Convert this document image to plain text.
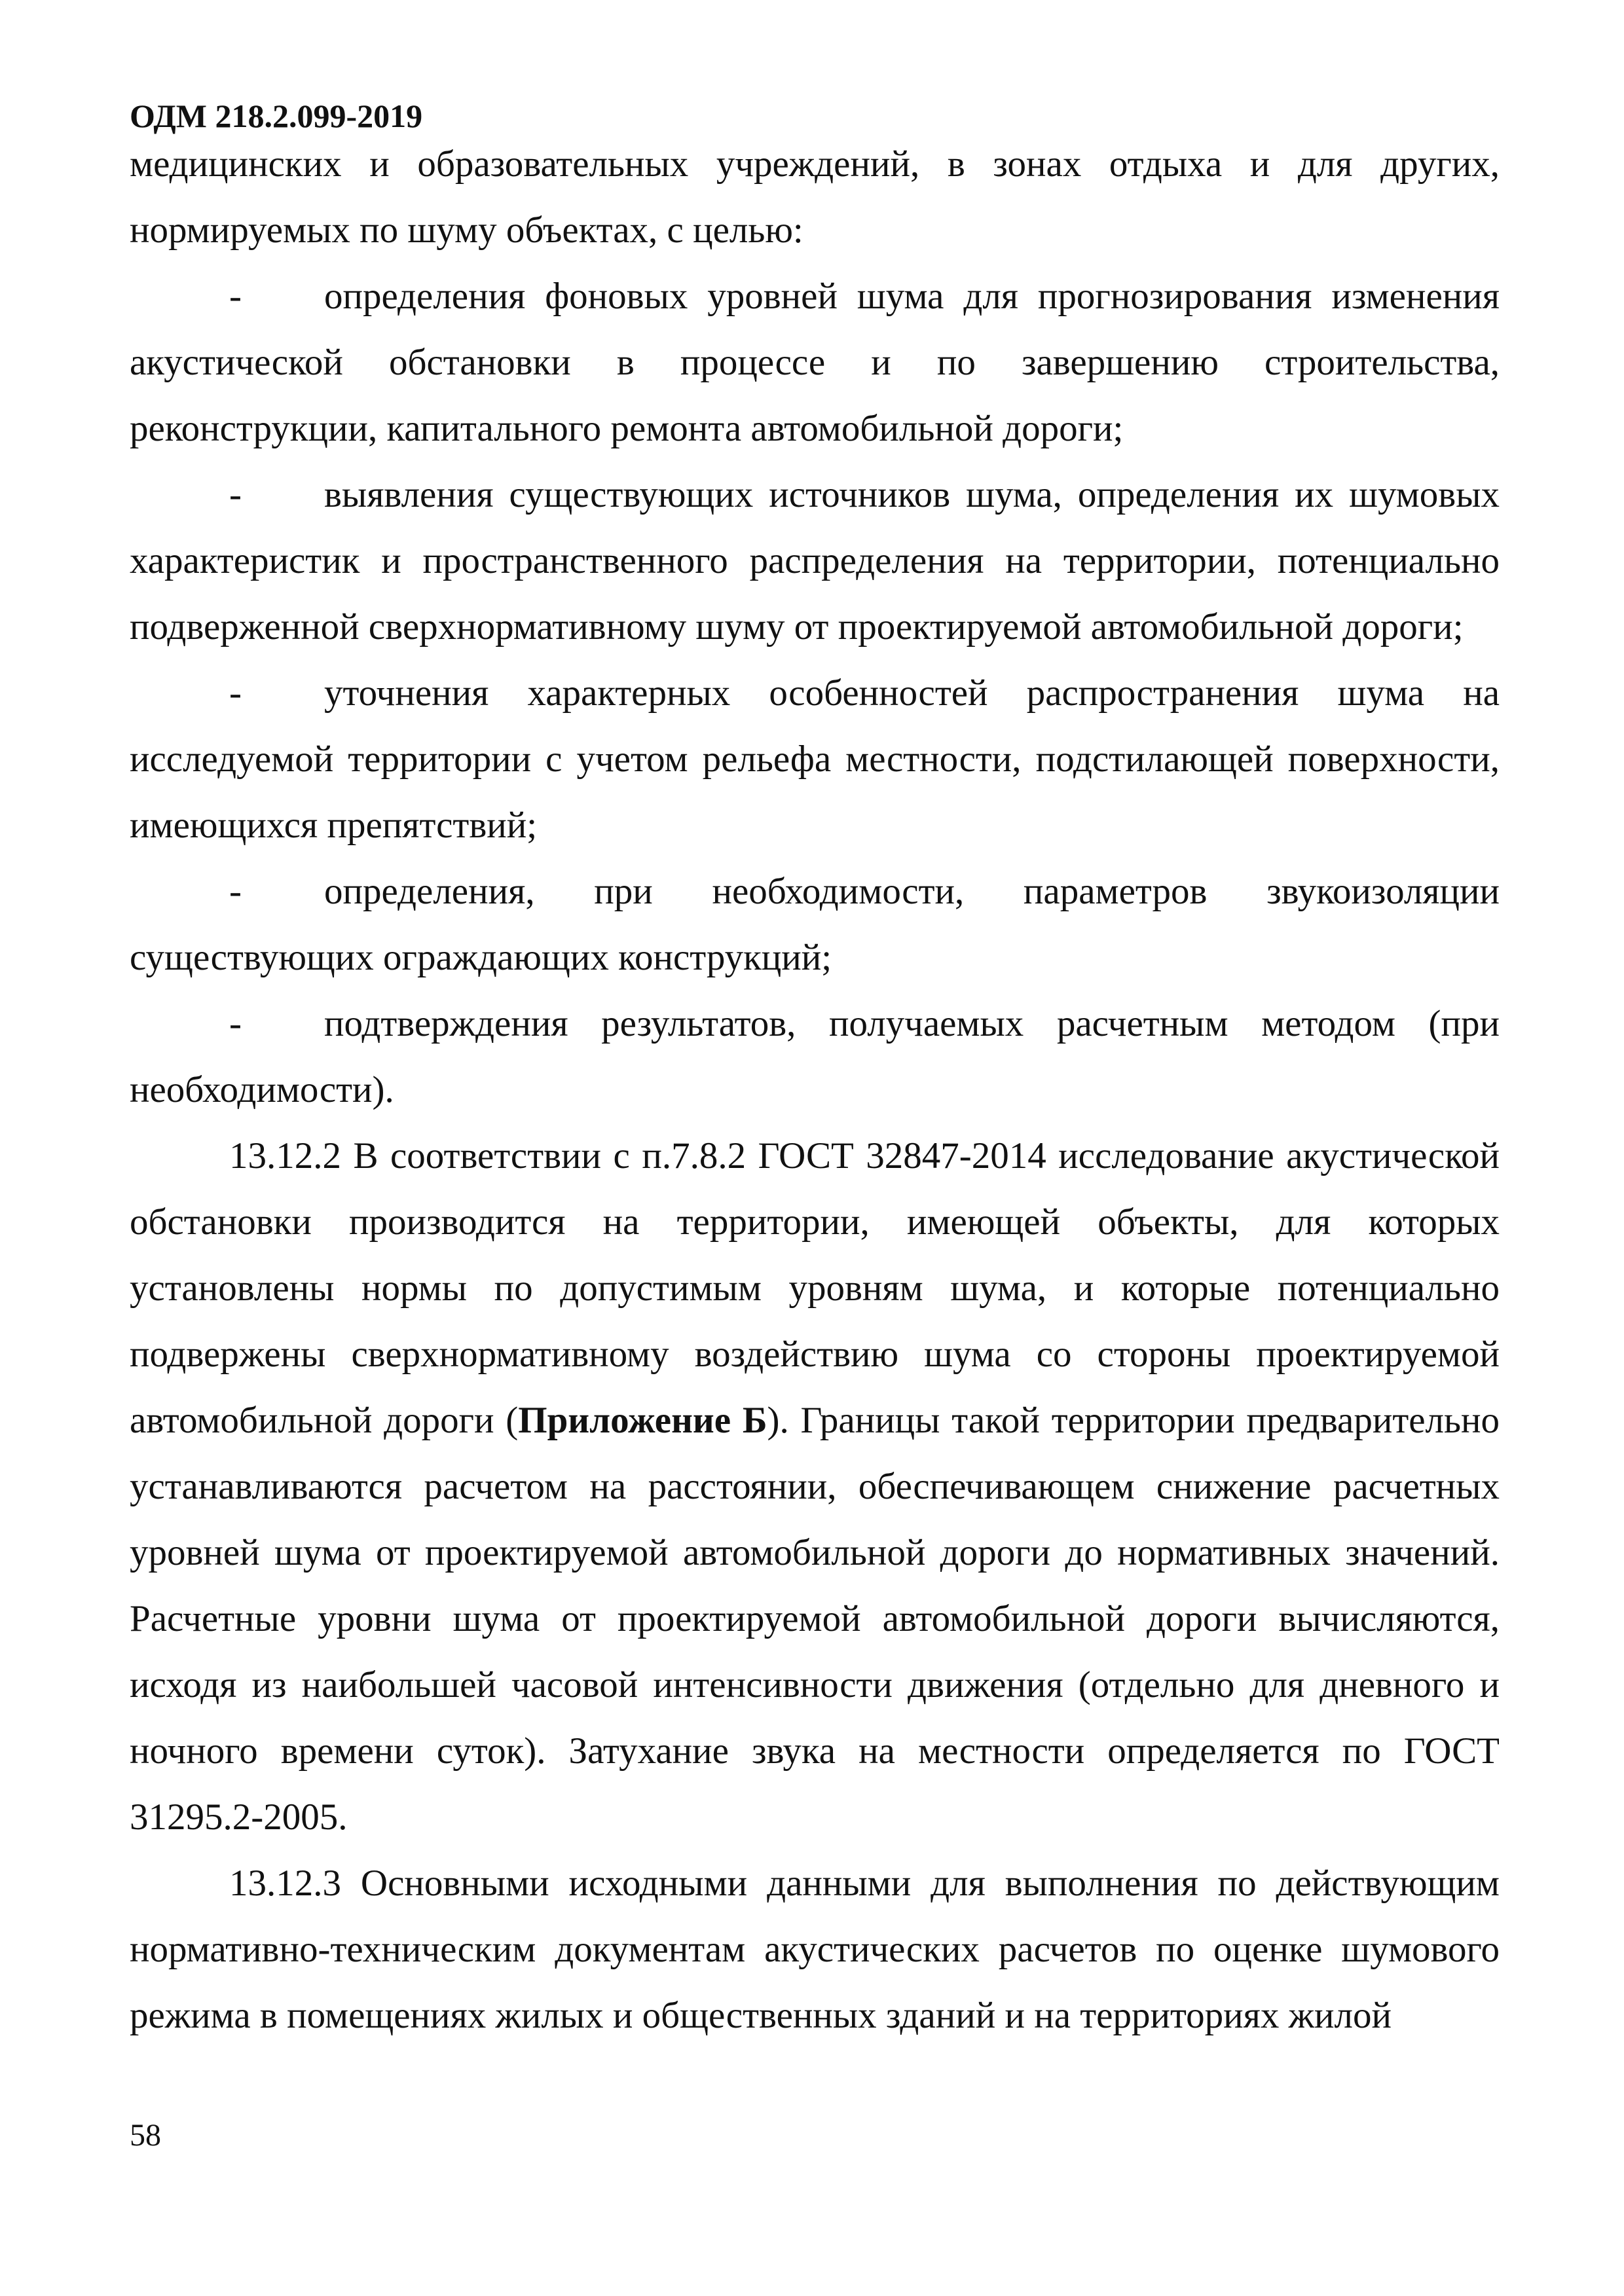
ОДМ 218.2.099-2019

медицинских и образовательных учреждений, в зонах отдыха и для других, нормируемых по шуму объектах, с целью:

- определения фоновых уровней шума для прогнозирования изменения акустической обстановки в процессе и по завершению строительства, реконструкции, капитального ремонта автомобильной дороги;

- выявления существующих источников шума, определения их шумовых характеристик и пространственного распределения на территории, потенциально подверженной сверхнормативному шуму от проектируемой автомобильной дороги;

- уточнения характерных особенностей распространения шума на исследуемой территории с учетом рельефа местности, подстилающей поверхности, имеющихся препятствий;

- определения, при необходимости, параметров звукоизоляции существующих ограждающих конструкций;

- подтверждения результатов, получаемых расчетным методом (при необходимости).

13.12.2 В соответствии с п.7.8.2 ГОСТ 32847-2014 исследование акустической обстановки производится на территории, имеющей объекты, для которых установлены нормы по допустимым уровням шума, и которые потенциально подвержены сверхнормативному воздействию шума со стороны проектируемой автомобильной дороги (Приложение Б). Границы такой территории предварительно устанавливаются расчетом на расстоянии, обеспечивающем снижение расчетных уровней шума от проектируемой автомобильной дороги до нормативных значений. Расчетные уровни шума от проектируемой автомобильной дороги вычисляются, исходя из наибольшей часовой интенсивности движения (отдельно для дневного и ночного времени суток). Затухание звука на местности определяется по ГОСТ 31295.2-2005.

13.12.3 Основными исходными данными для выполнения по действующим нормативно-техническим документам акустических расчетов по оценке шумового режима в помещениях жилых и общественных зданий и на территориях жилой

58
